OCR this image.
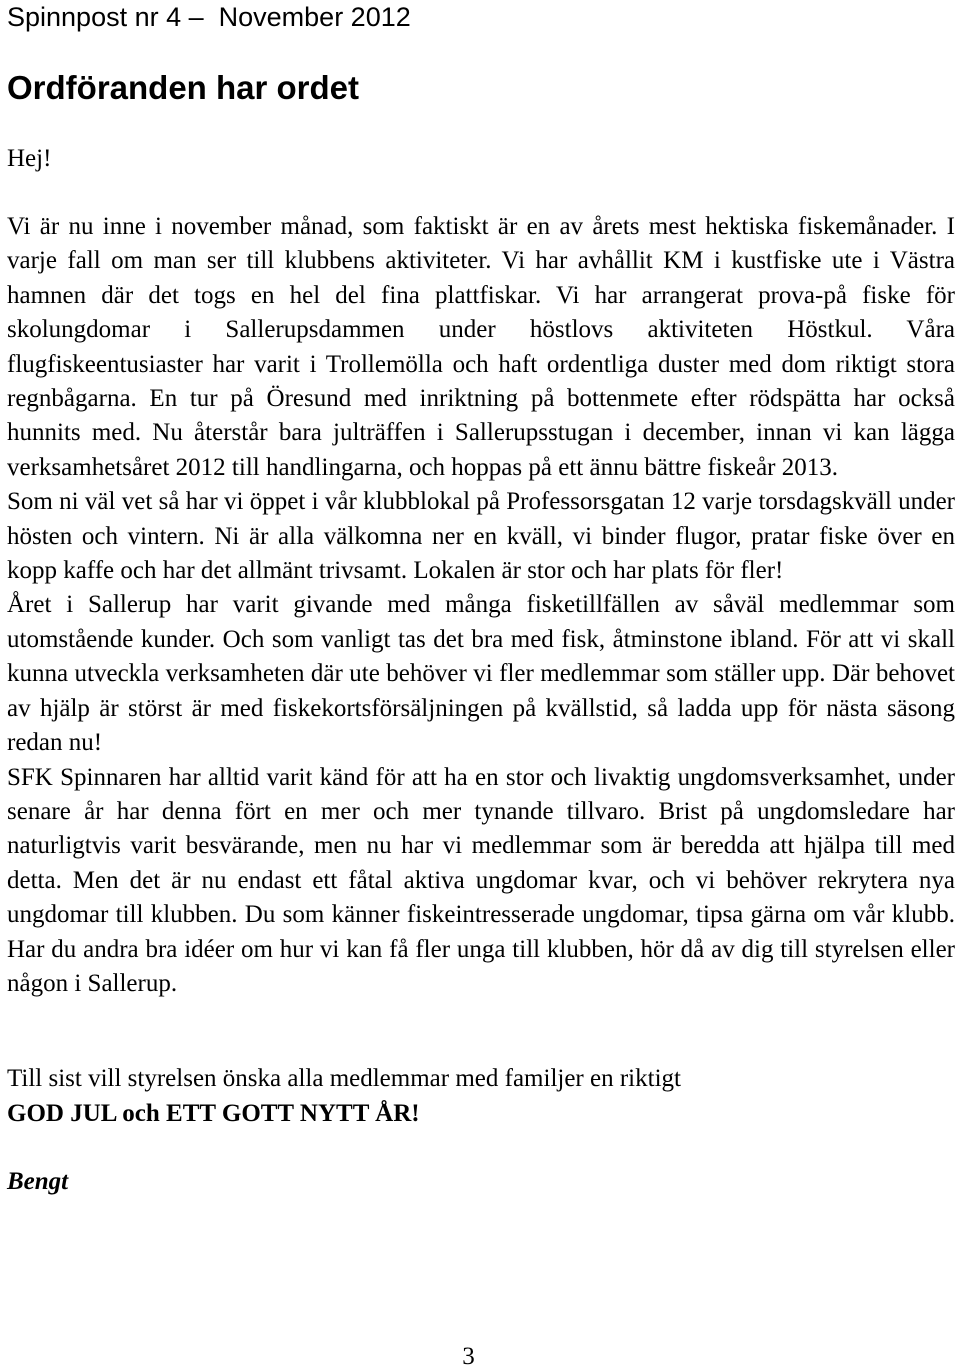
Spinnpost nr 4 –  November 2012
Ordföranden har ordet

Hej!

Vi är nu inne i november månad, som faktiskt är en av årets mest hektiska fiskemånader. I varje fall om man ser till klubbens aktiviteter. Vi har avhållit KM i kustfiske ute i Västra hamnen där det togs en hel del fina plattfiskar. Vi har arrangerat prova-på fiske för skolungdomar i Sallerupsdammen under höstlovs aktiviteten Höstkul. Våra flugfiskeentusiaster har varit i Trollemölla och haft ordentliga duster med dom riktigt stora regnbågarna. En tur på Öresund med inriktning på bottenmete efter rödspätta har också hunnits med. Nu återstår bara julträffen i Sallerupsstugan i december, innan vi kan lägga verksamhetsåret 2012 till handlingarna, och hoppas på ett ännu bättre fiskeår 2013.

Som ni väl vet så har vi öppet i vår klubblokal på Professorsgatan 12 varje torsdagskväll under hösten och vintern. Ni är alla välkomna ner en kväll, vi binder flugor, pratar fiske över en kopp kaffe och har det allmänt trivsamt. Lokalen är stor och har plats för fler!

Året i Sallerup har varit givande med många fisketillfällen av såväl medlemmar som utomstående kunder. Och som vanligt tas det bra med fisk, åtminstone ibland. För att vi skall kunna utveckla verksamheten där ute behöver vi fler medlemmar som ställer upp. Där behovet av hjälp är störst är med fiskekortsförsäljningen på kvällstid, så ladda upp för nästa säsong redan nu!

SFK Spinnaren har alltid varit känd för att ha en stor och livaktig ungdomsverksamhet, under senare år har denna fört en mer och mer tynande tillvaro. Brist på ungdomsledare har naturligtvis varit besvärande, men nu har vi medlemmar som är beredda att hjälpa till med detta. Men det är nu endast ett fåtal aktiva ungdomar kvar, och vi behöver rekrytera nya ungdomar till klubben. Du som känner fiskeintresserade ungdomar, tipsa gärna om vår klubb. Har du andra bra idéer om hur vi kan få fler unga till klubben, hör då av dig till styrelsen eller någon i Sallerup.

Till sist vill styrelsen önska alla medlemmar med familjer en riktigt

GOD JUL och ETT GOTT NYTT ÅR!

Bengt

3
